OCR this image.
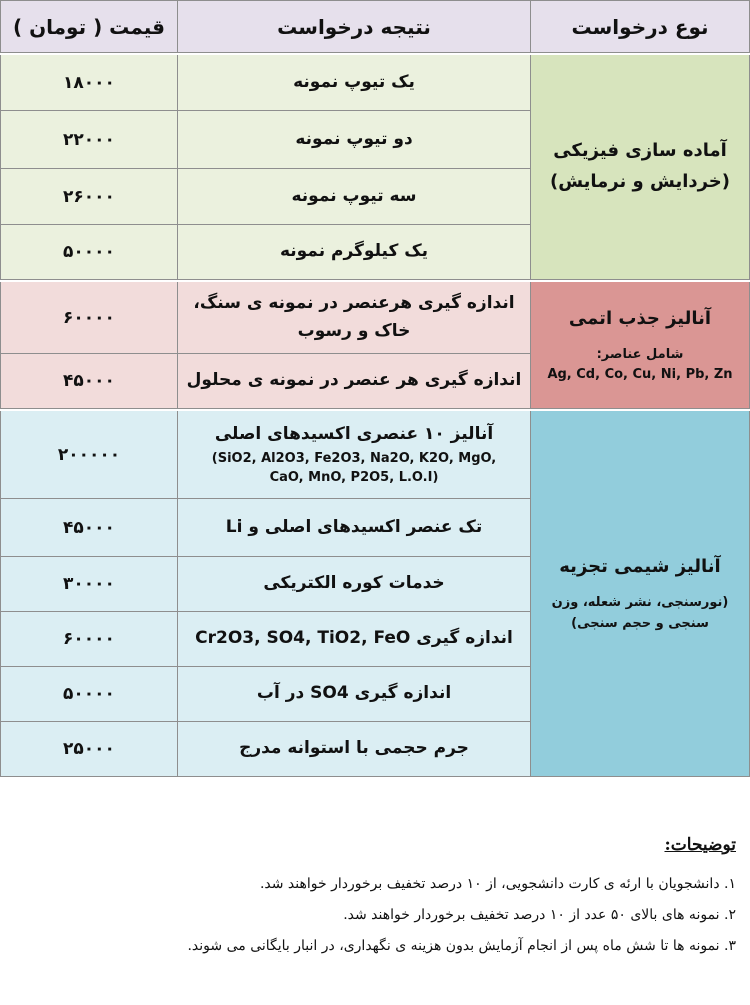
نوع درخواست
نتیجه درخواست
قیمت ( تومان )
یک تیوپ نمونه
۱۸۰۰۰
دو تیوپ نمونه
۲۲۰۰۰
سه تیوپ نمونه
۲۶۰۰۰
یک کیلوگرم نمونه
۵۰۰۰۰
آماده سازی فیزیکی
(خردایش و نرمایش)
اندازه گیری هرعنصر در نمونه ی سنگ،
خاک و رسوب
۶۰۰۰۰
اندازه گیری هر عنصر در نمونه ی محلول
۴۵۰۰۰
آنالیز جذب اتمی
شامل عناصر:
Ag, Cd, Co, Cu, Ni, Pb, Zn
آنالیز ۱۰ عنصری اکسیدهای اصلی
(SiO2, Al2O3, Fe2O3, Na2O, K2O, MgO,
CaO, MnO, P2O5, L.O.I)
۲۰۰۰۰۰
تک عنصر اکسیدهای اصلی و Li
۴۵۰۰۰
خدمات کوره الکتریکی
۳۰۰۰۰
اندازه گیری Cr2O3, SO4, TiO2, FeO
۶۰۰۰۰
اندازه گیری SO4 در آب
۵۰۰۰۰
جرم حجمی با استوانه مدرج
۲۵۰۰۰
آنالیز شیمی تجزیه
(نورسنجی، نشر شعله، وزن
سنجی و حجم سنجی)
توضیحات:
۱. دانشجویان با ارئه ی کارت دانشجویی، از ۱۰ درصد تخفیف برخوردار خواهند شد.
۲. نمونه های بالای ۵۰ عدد از ۱۰ درصد تخفیف برخوردار خواهند شد.
۳. نمونه ها تا شش ماه پس از انجام آزمایش بدون هزینه ی نگهداری، در انبار بایگانی می شوند.
